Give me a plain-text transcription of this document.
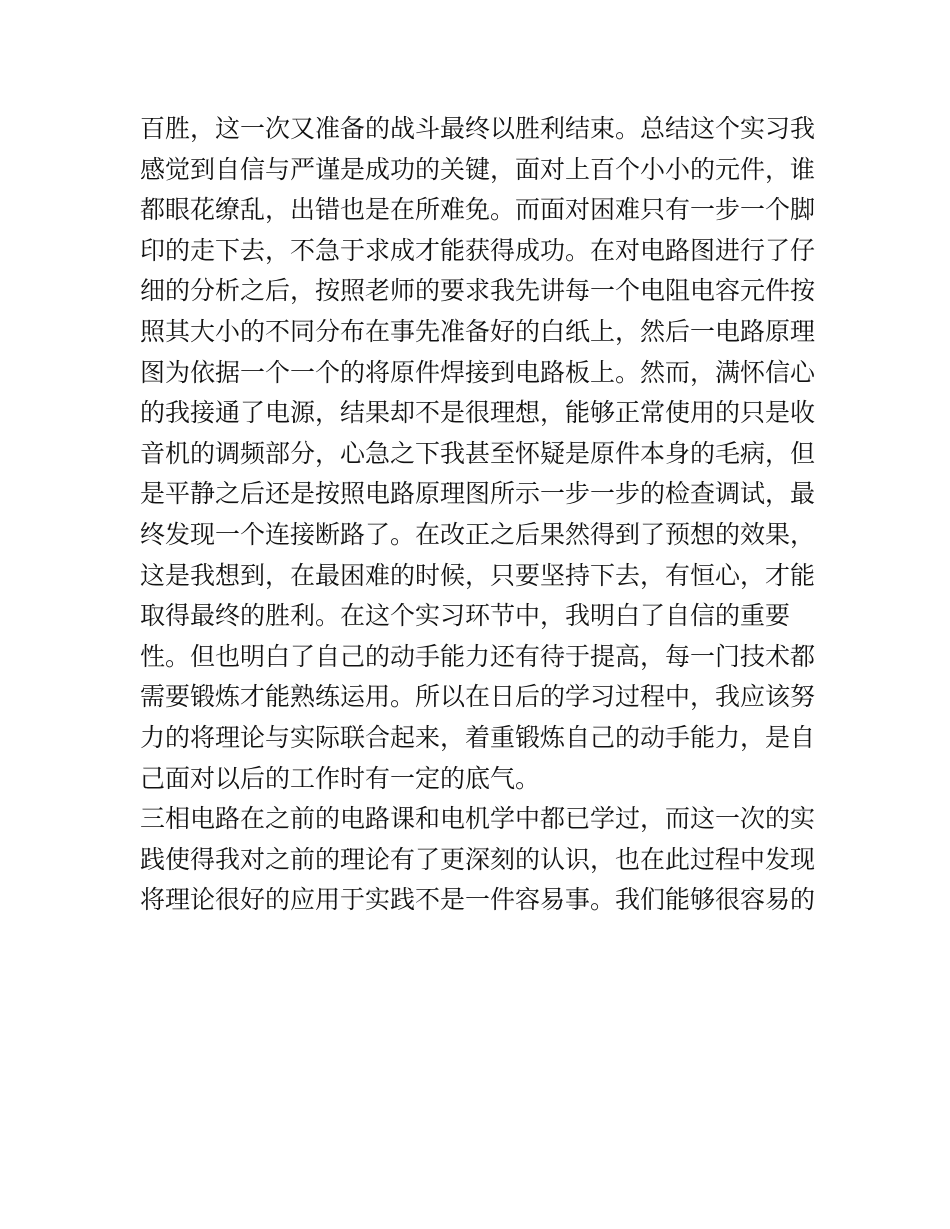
百胜，这一次又准备的战斗最终以胜利结束。总结这个实习我

感觉到自信与严谨是成功的关键，面对上百个小小的元件，谁

都眼花缭乱，出错也是在所难免。而面对困难只有一步一个脚

印的走下去，不急于求成才能获得成功。在对电路图进行了仔

细的分析之后，按照老师的要求我先讲每一个电阻电容元件按

照其大小的不同分布在事先准备好的白纸上，然后一电路原理

图为依据一个一个的将原件焊接到电路板上。然而，满怀信心

的我接通了电源，结果却不是很理想，能够正常使用的只是收

音机的调频部分，心急之下我甚至怀疑是原件本身的毛病，但

是平静之后还是按照电路原理图所示一步一步的检查调试，最

终发现一个连接断路了。在改正之后果然得到了预想的效果，

这是我想到，在最困难的时候，只要坚持下去，有恒心，才能

取得最终的胜利。在这个实习环节中，我明白了自信的重要

性。但也明白了自己的动手能力还有待于提高，每一门技术都

需要锻炼才能熟练运用。所以在日后的学习过程中，我应该努

力的将理论与实际联合起来，着重锻炼自己的动手能力，是自

己面对以后的工作时有一定的底气。

三相电路在之前的电路课和电机学中都已学过，而这一次的实

践使得我对之前的理论有了更深刻的认识，也在此过程中发现

将理论很好的应用于实践不是一件容易事。我们能够很容易的
